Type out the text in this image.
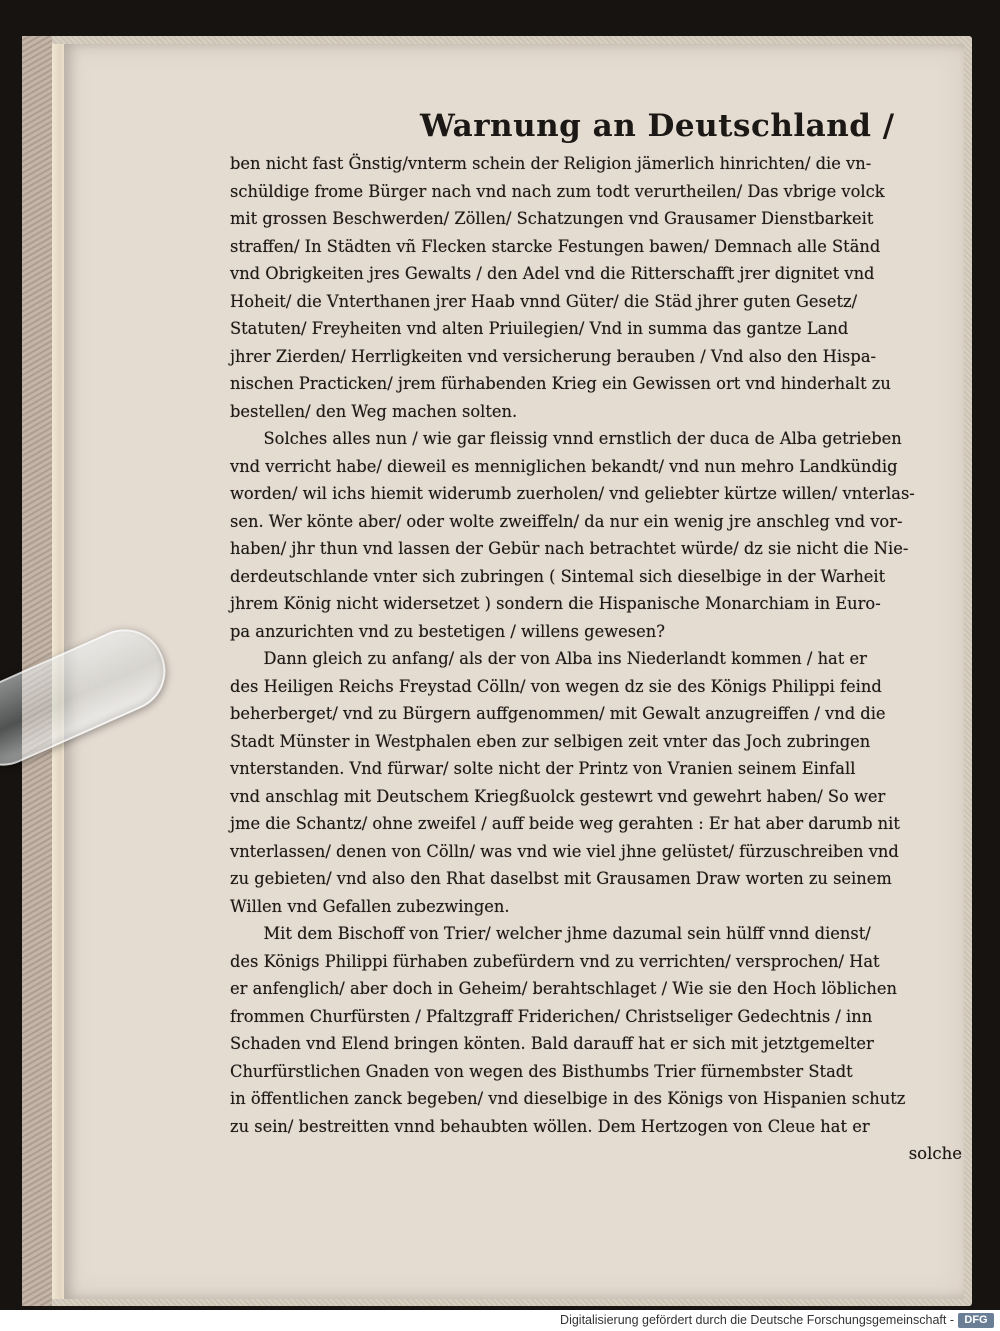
Warnung an Deutschland /
ben nicht fast G̈nstig/vnterm schein der Religion jämerlich hinrichten/ die vn-
schüldige frome Bürger nach vnd nach zum todt verurtheilen/ Das vbrige volck
mit grossen Beschwerden/ Zöllen/ Schatzungen vnd Grausamer Dienstbarkeit
straffen/ In Städten vñ Flecken starcke Festungen bawen/ Demnach alle Ständ
vnd Obrigkeiten jres Gewalts / den Adel vnd die Ritterschafft jrer dignitet vnd
Hoheit/ die Vnterthanen jrer Haab vnnd Güter/ die Städ jhrer guten Gesetz/
Statuten/ Freyheiten vnd alten Priuilegien/ Vnd in summa das gantze Land
jhrer Zierden/ Herrligkeiten vnd versicherung berauben / Vnd also den Hispa-
nischen Practicken/ jrem fürhabenden Krieg ein Gewissen ort vnd hinderhalt zu
bestellen/ den Weg machen solten.
Solches alles nun / wie gar fleissig vnnd ernstlich der duca de Alba getrieben
vnd verricht habe/ dieweil es menniglichen bekandt/ vnd nun mehro Landkündig
worden/ wil ichs hiemit widerumb zuerholen/ vnd geliebter kürtze willen/ vnterlas-
sen. Wer könte aber/ oder wolte zweiffeln/ da nur ein wenig jre anschleg vnd vor-
haben/ jhr thun vnd lassen der Gebür nach betrachtet würde/ dz sie nicht die Nie-
derdeutschlande vnter sich zubringen ( Sintemal sich dieselbige in der Warheit
jhrem König nicht widersetzet ) sondern die Hispanische Monarchiam in Euro-
pa anzurichten vnd zu bestetigen / willens gewesen?
Dann gleich zu anfang/ als der von Alba ins Niederlandt kommen / hat er
des Heiligen Reichs Freystad Cölln/ von wegen dz sie des Königs Philippi feind
beherberget/ vnd zu Bürgern auffgenommen/ mit Gewalt anzugreiffen / vnd die
Stadt Münster in Westphalen eben zur selbigen zeit vnter das Joch zubringen
vnterstanden. Vnd fürwar/ solte nicht der Printz von Vranien seinem Einfall
vnd anschlag mit Deutschem Kriegßuolck gestewrt vnd gewehrt haben/ So wer
jme die Schantz/ ohne zweifel / auff beide weg gerahten : Er hat aber darumb nit
vnterlassen/ denen von Cölln/ was vnd wie viel jhne gelüstet/ fürzuschreiben vnd
zu gebieten/ vnd also den Rhat daselbst mit Grausamen Draw worten zu seinem
Willen vnd Gefallen zubezwingen.
Mit dem Bischoff von Trier/ welcher jhme dazumal sein hülff vnnd dienst/
des Königs Philippi fürhaben zubefürdern vnd zu verrichten/ versprochen/ Hat
er anfenglich/ aber doch in Geheim/ berahtschlaget / Wie sie den Hoch löblichen
frommen Churfürsten / Pfaltzgraff Friderichen/ Christseliger Gedechtnis / inn
Schaden vnd Elend bringen könten. Bald darauff hat er sich mit jetztgemelter
Churfürstlichen Gnaden von wegen des Bisthumbs Trier fürnembster Stadt
in öffentlichen zanck begeben/ vnd dieselbige in des Königs von Hispanien schutz
zu sein/ bestreitten vnnd behaubten wöllen. Dem Hertzogen von Cleue hat er
solche
Digitalisierung gefördert durch die Deutsche Forschungsgemeinschaft - DFG
